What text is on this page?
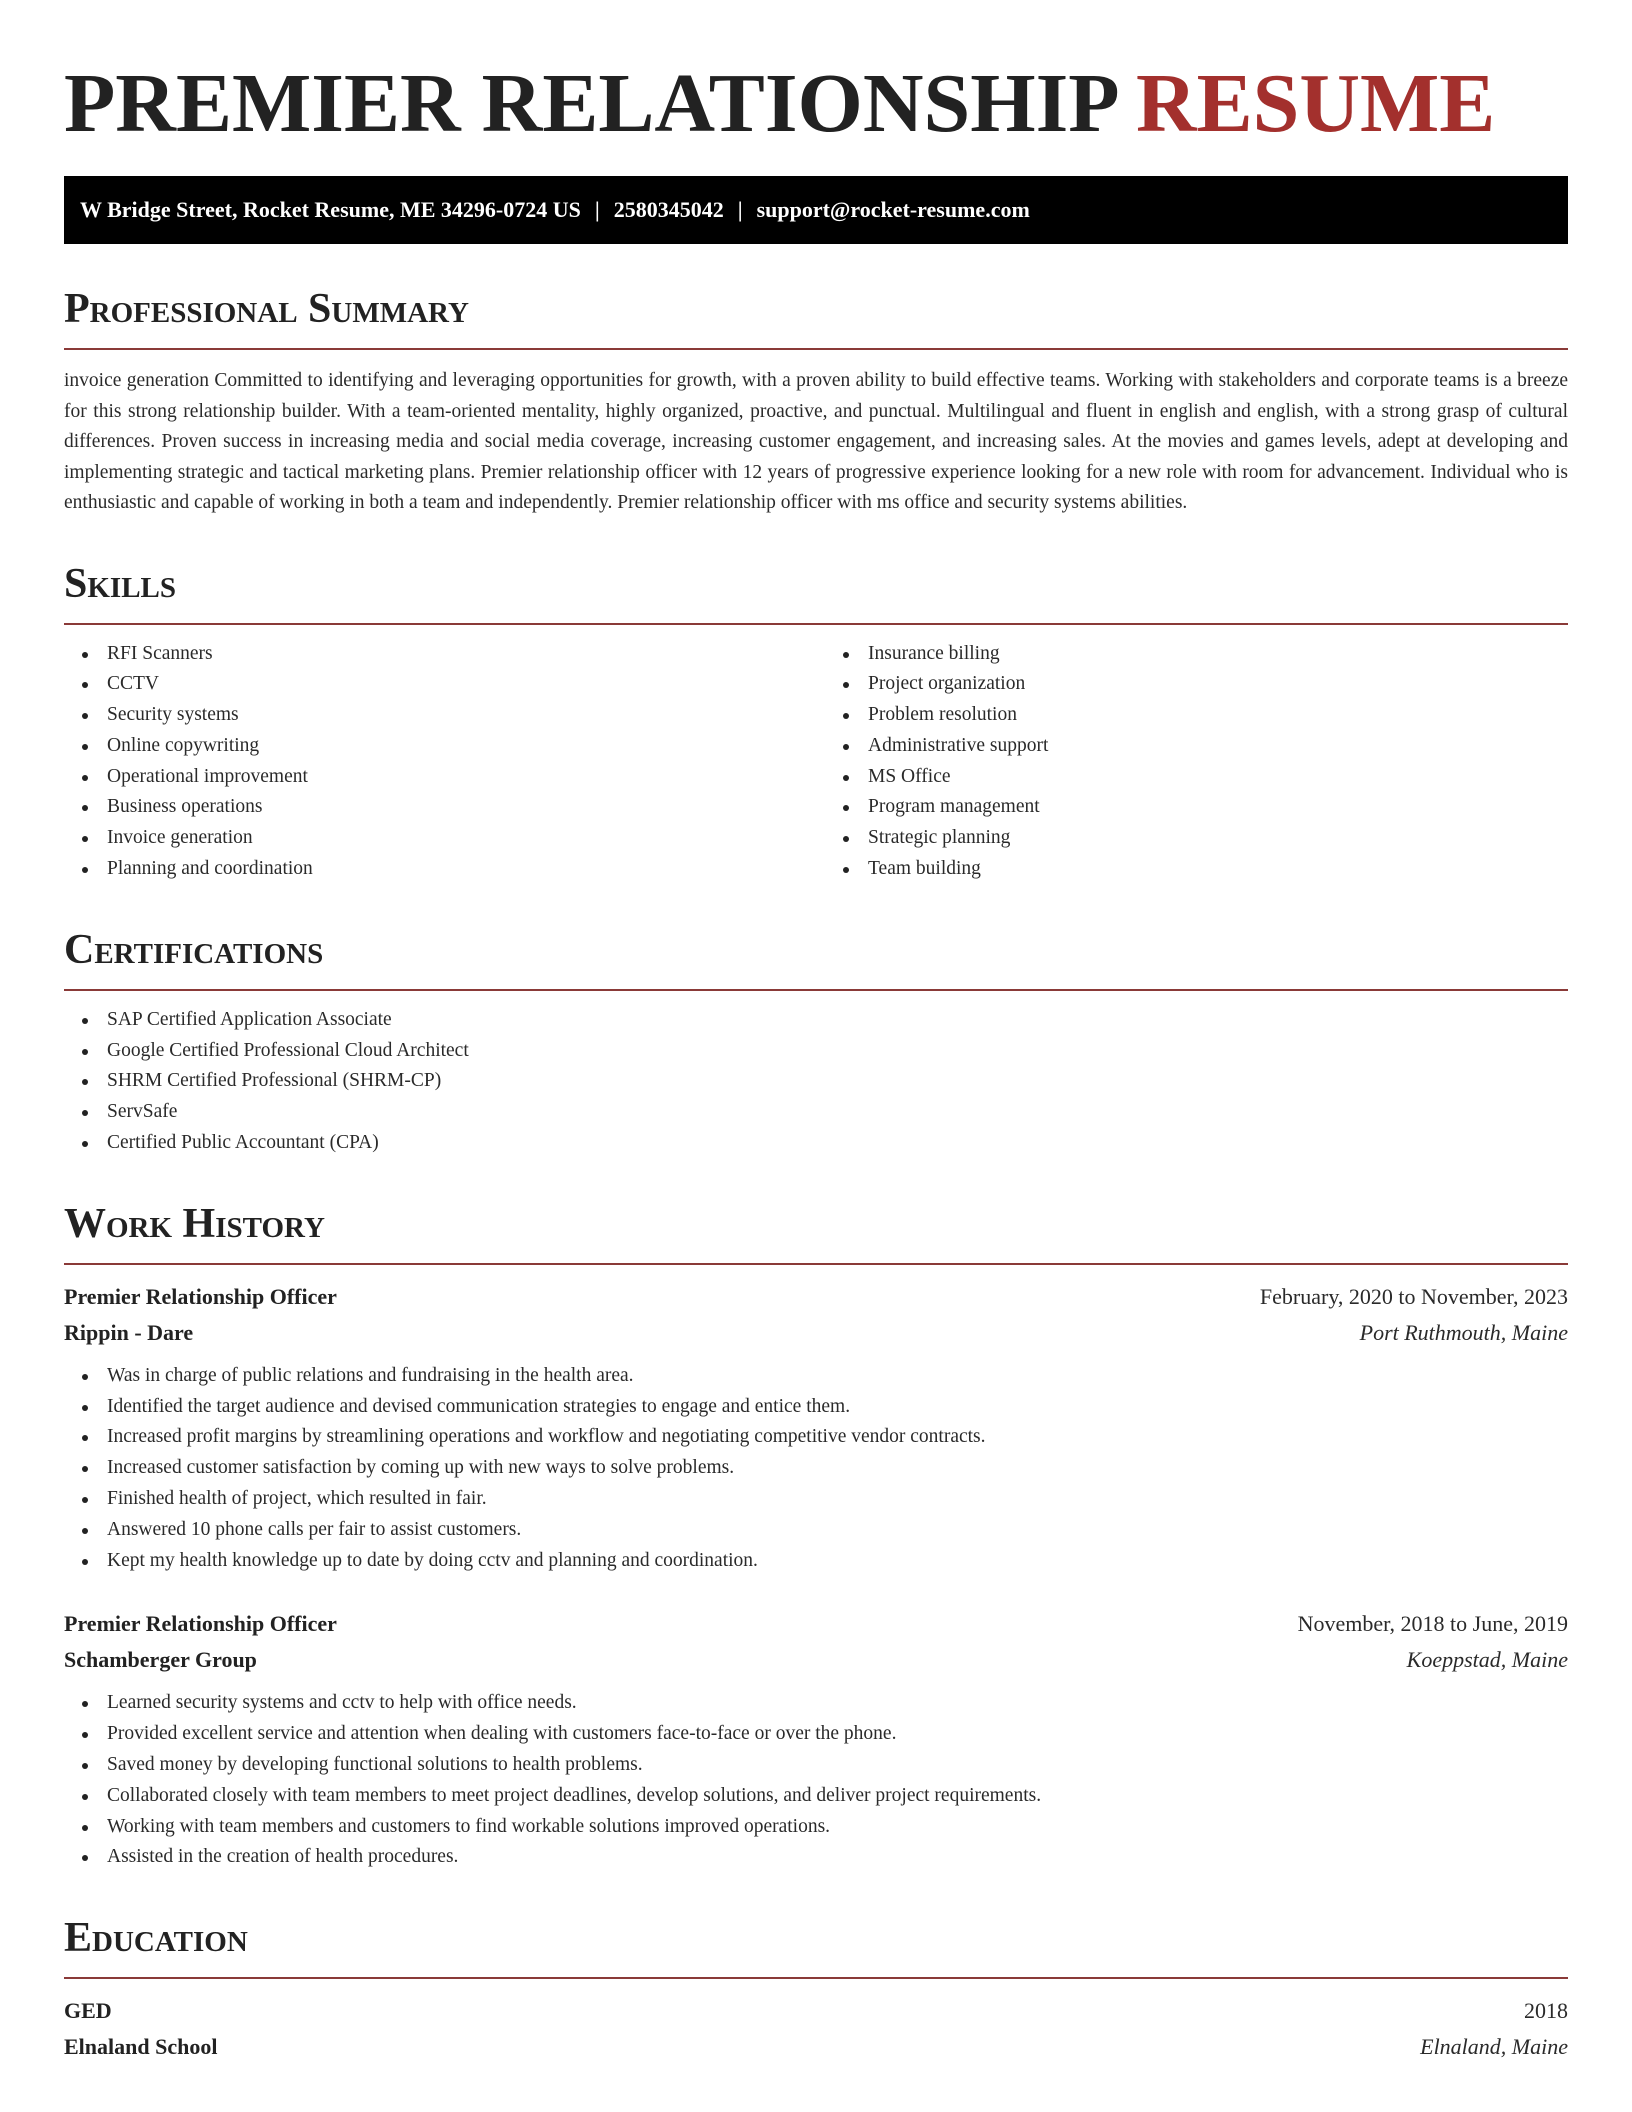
PREMIER RELATIONSHIP RESUME
W Bridge Street, Rocket Resume, ME 34296-0724 US | 2580345042 | support@rocket-resume.com
Professional Summary

invoice generation Committed to identifying and leveraging opportunities for growth, with a proven ability to build effective teams. Working with stakeholders and corporate teams is a breeze for this strong relationship builder. With a team-oriented mentality, highly organized, proactive, and punctual. Multilingual and fluent in english and english, with a strong grasp of cultural differences. Proven success in increasing media and social media coverage, increasing customer engagement, and increasing sales. At the movies and games levels, adept at developing and implementing strategic and tactical marketing plans. Premier relationship officer with 12 years of progressive experience looking for a new role with room for advancement. Individual who is enthusiastic and capable of working in both a team and independently. Premier relationship officer with ms office and security systems abilities.

Skills
RFI Scanners
CCTV
Security systems
Online copywriting
Operational improvement
Business operations
Invoice generation
Planning and coordination
Insurance billing
Project organization
Problem resolution
Administrative support
MS Office
Program management
Strategic planning
Team building
Certifications
SAP Certified Application Associate
Google Certified Professional Cloud Architect
SHRM Certified Professional (SHRM-CP)
ServSafe
Certified Public Accountant (CPA)
Work History
Premier Relationship Officer	February, 2020 to November, 2023
Rippin - Dare	Port Ruthmouth, Maine
Was in charge of public relations and fundraising in the health area.
Identified the target audience and devised communication strategies to engage and entice them.
Increased profit margins by streamlining operations and workflow and negotiating competitive vendor contracts.
Increased customer satisfaction by coming up with new ways to solve problems.
Finished health of project, which resulted in fair.
Answered 10 phone calls per fair to assist customers.
Kept my health knowledge up to date by doing cctv and planning and coordination.
Premier Relationship Officer	November, 2018 to June, 2019
Schamberger Group	Koeppstad, Maine
Learned security systems and cctv to help with office needs.
Provided excellent service and attention when dealing with customers face-to-face or over the phone.
Saved money by developing functional solutions to health problems.
Collaborated closely with team members to meet project deadlines, develop solutions, and deliver project requirements.
Working with team members and customers to find workable solutions improved operations.
Assisted in the creation of health procedures.
Education
GED	2018
Elnaland School	Elnaland, Maine
